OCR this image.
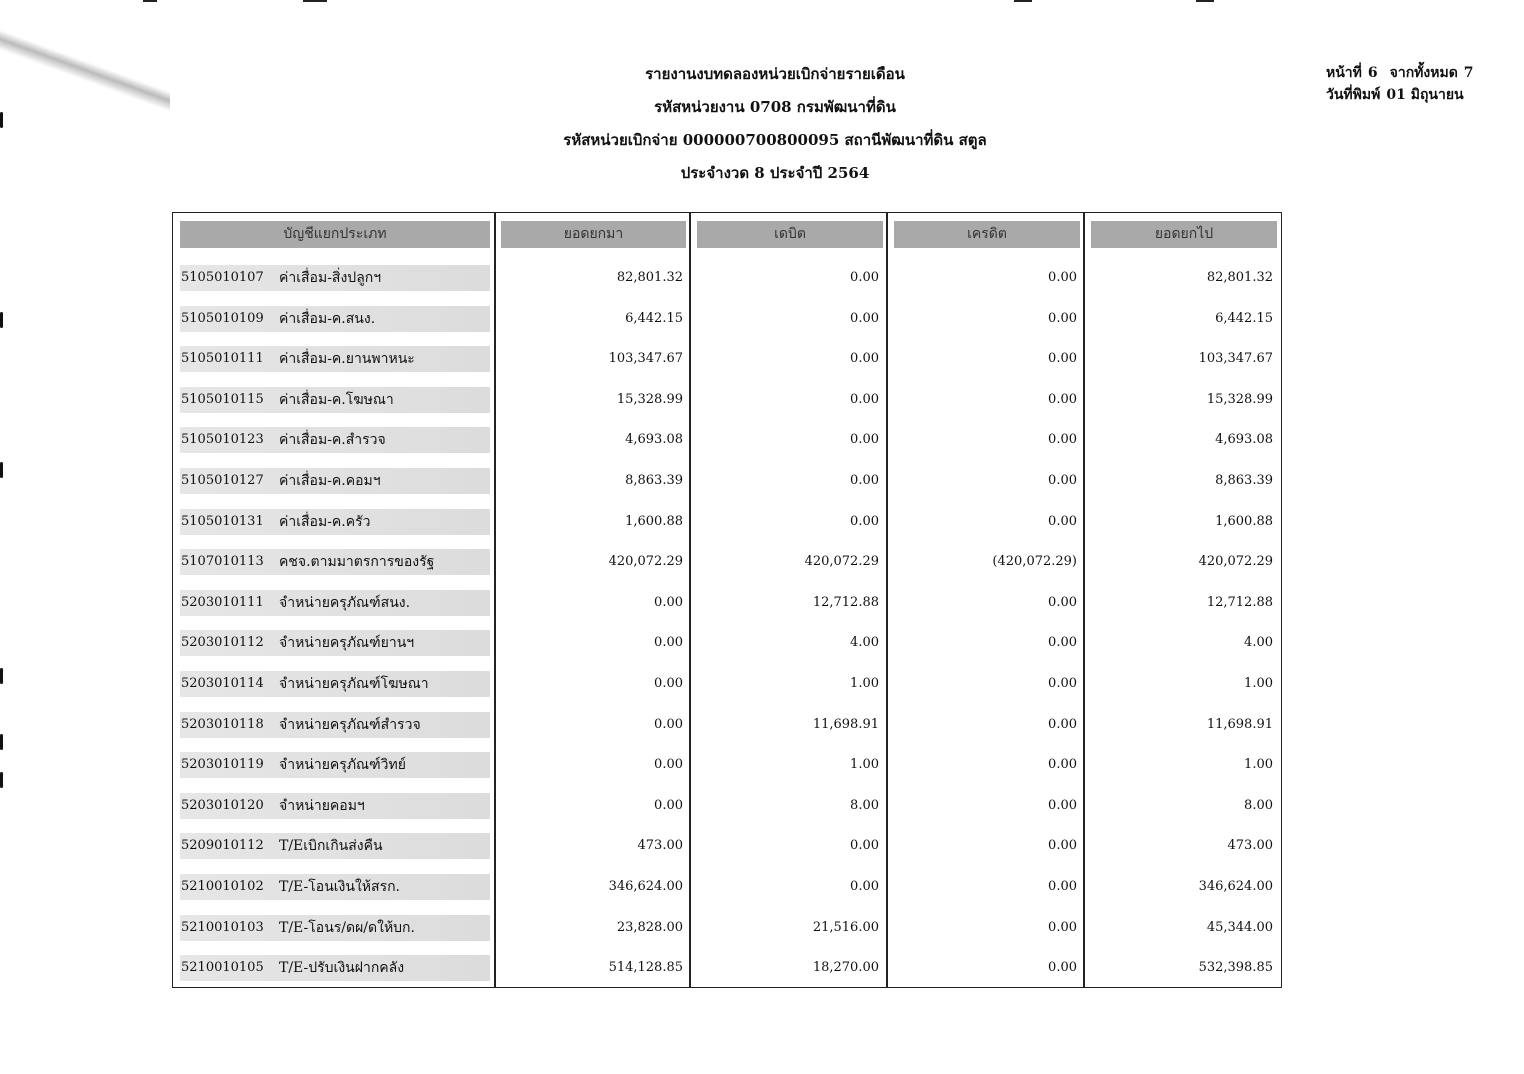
รายงานงบทดลองหน่วยเบิกจ่ายรายเดือน
รหัสหน่วยงาน 0708 กรมพัฒนาที่ดิน
รหัสหน่วยเบิกจ่าย 000000700800095 สถานีพัฒนาที่ดิน สตูล
ประจำงวด 8 ประจำปี 2564
หน้าที่ 6 จากทั้งหมด 7
วันที่พิมพ์ 01 มิถุนายน
บัญชีแยกประเภท	ยอดยกมา	เดบิต	เครดิต	ยอดยกไป
5105010107 ค่าเสื่อม-สิ่งปลูกฯ	82,801.32	0.00	0.00	82,801.32
5105010109 ค่าเสื่อม-ค.สนง.	6,442.15	0.00	0.00	6,442.15
5105010111 ค่าเสื่อม-ค.ยานพาหนะ	103,347.67	0.00	0.00	103,347.67
5105010115 ค่าเสื่อม-ค.โฆษณา	15,328.99	0.00	0.00	15,328.99
5105010123 ค่าเสื่อม-ค.สำรวจ	4,693.08	0.00	0.00	4,693.08
5105010127 ค่าเสื่อม-ค.คอมฯ	8,863.39	0.00	0.00	8,863.39
5105010131 ค่าเสื่อม-ค.ครัว	1,600.88	0.00	0.00	1,600.88
5107010113 คชจ.ตามมาตรการของรัฐ	420,072.29	420,072.29	(420,072.29)	420,072.29
5203010111 จำหน่ายครุภัณฑ์สนง.	0.00	12,712.88	0.00	12,712.88
5203010112 จำหน่ายครุภัณฑ์ยานฯ	0.00	4.00	0.00	4.00
5203010114 จำหน่ายครุภัณฑ์โฆษณา	0.00	1.00	0.00	1.00
5203010118 จำหน่ายครุภัณฑ์สำรวจ	0.00	11,698.91	0.00	11,698.91
5203010119 จำหน่ายครุภัณฑ์วิทย์	0.00	1.00	0.00	1.00
5203010120 จำหน่ายคอมฯ	0.00	8.00	0.00	8.00
5209010112 T/Eเบิกเกินส่งคืน	473.00	0.00	0.00	473.00
5210010102 T/E-โอนเงินให้สรก.	346,624.00	0.00	0.00	346,624.00
5210010103 T/E-โอนร/ดผ/ดให้บก.	23,828.00	21,516.00	0.00	45,344.00
5210010105 T/E-ปรับเงินฝากคลัง	514,128.85	18,270.00	0.00	532,398.85
